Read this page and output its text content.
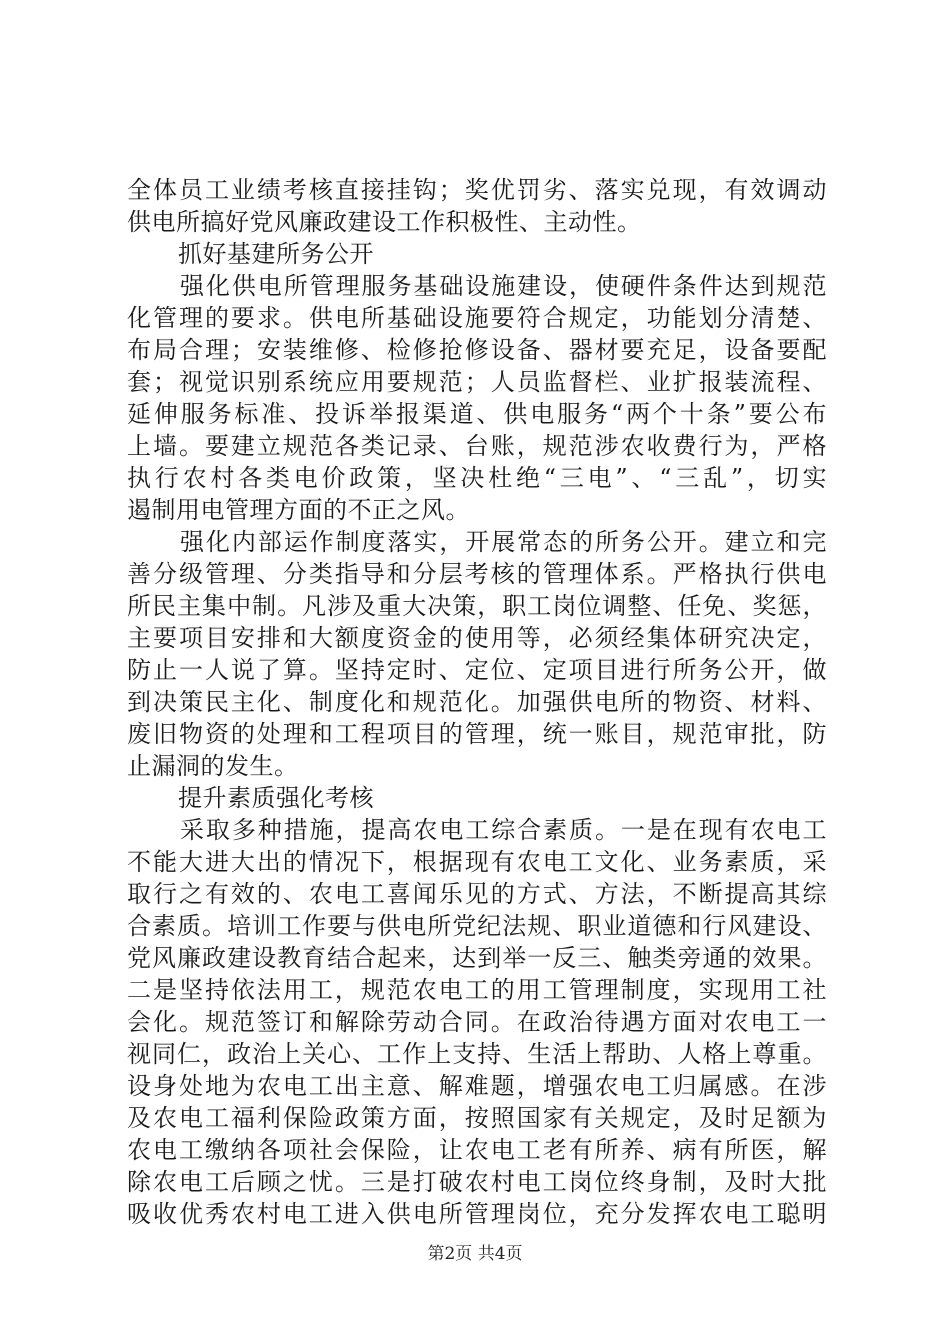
全体员工业绩考核直接挂钩；奖优罚劣、落实兑现，有效调动
供电所搞好党风廉政建设工作积极性、主动性。
抓好基建所务公开
强化供电所管理服务基础设施建设，使硬件条件达到规范
化管理的要求。供电所基础设施要符合规定，功能划分清楚、
布局合理；安装维修、检修抢修设备、器材要充足，设备要配
套；视觉识别系统应用要规范；人员监督栏、业扩报装流程、
延伸服务标准、投诉举报渠道、供电服务“两个十条”要公布
上墙。要建立规范各类记录、台账，规范涉农收费行为，严格
执行农村各类电价政策，坚决杜绝“三电”、“三乱”，切实
遏制用电管理方面的不正之风。
强化内部运作制度落实，开展常态的所务公开。建立和完
善分级管理、分类指导和分层考核的管理体系。严格执行供电
所民主集中制。凡涉及重大决策，职工岗位调整、任免、奖惩，
主要项目安排和大额度资金的使用等，必须经集体研究决定，
防止一人说了算。坚持定时、定位、定项目进行所务公开，做
到决策民主化、制度化和规范化。加强供电所的物资、材料、
废旧物资的处理和工程项目的管理，统一账目，规范审批，防
止漏洞的发生。
提升素质强化考核
采取多种措施，提高农电工综合素质。一是在现有农电工
不能大进大出的情况下，根据现有农电工文化、业务素质，采
取行之有效的、农电工喜闻乐见的方式、方法，不断提高其综
合素质。培训工作要与供电所党纪法规、职业道德和行风建设、
党风廉政建设教育结合起来，达到举一反三、触类旁通的效果。
二是坚持依法用工，规范农电工的用工管理制度，实现用工社
会化。规范签订和解除劳动合同。在政治待遇方面对农电工一
视同仁，政治上关心、工作上支持、生活上帮助、人格上尊重。
设身处地为农电工出主意、解难题，增强农电工归属感。在涉
及农电工福利保险政策方面，按照国家有关规定，及时足额为
农电工缴纳各项社会保险，让农电工老有所养、病有所医，解
除农电工后顾之忧。三是打破农村电工岗位终身制，及时大批
吸收优秀农村电工进入供电所管理岗位，充分发挥农电工聪明
第2页 共4页
